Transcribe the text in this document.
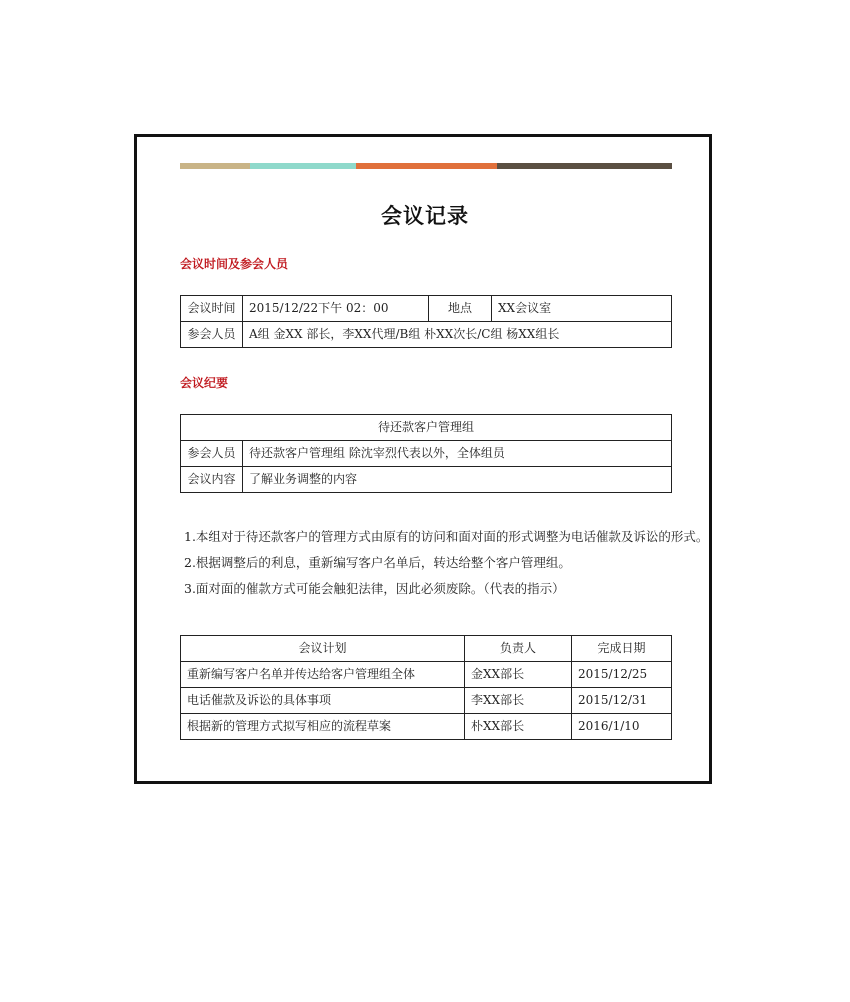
会议记录
会议时间及参会人员
会议时间	2015/12/22下午 02：00	地点	XX会议室
参会人员	A组 金XX 部长，李XX代理/B组 朴XX次长/C组 杨XX组长		
会议纪要
待还款客户管理组	
参会人员	待还款客户管理组 除沈宰烈代表以外，全体组员
会议内容	了解业务调整的内容
1.本组对于待还款客户的管理方式由原有的访问和面对面的形式调整为电话催款及诉讼的形式。
2.根据调整后的利息，重新编写客户名单后，转达给整个客户管理组。
3.面对面的催款方式可能会触犯法律，因此必须废除。（代表的指示）
会议计划	负责人	完成日期
重新编写客户名单并传达给客户管理组全体	金XX部长	2015/12/25
电话催款及诉讼的具体事项	李XX部长	2015/12/31
根据新的管理方式拟写相应的流程草案	朴XX部长	2016/1/10
